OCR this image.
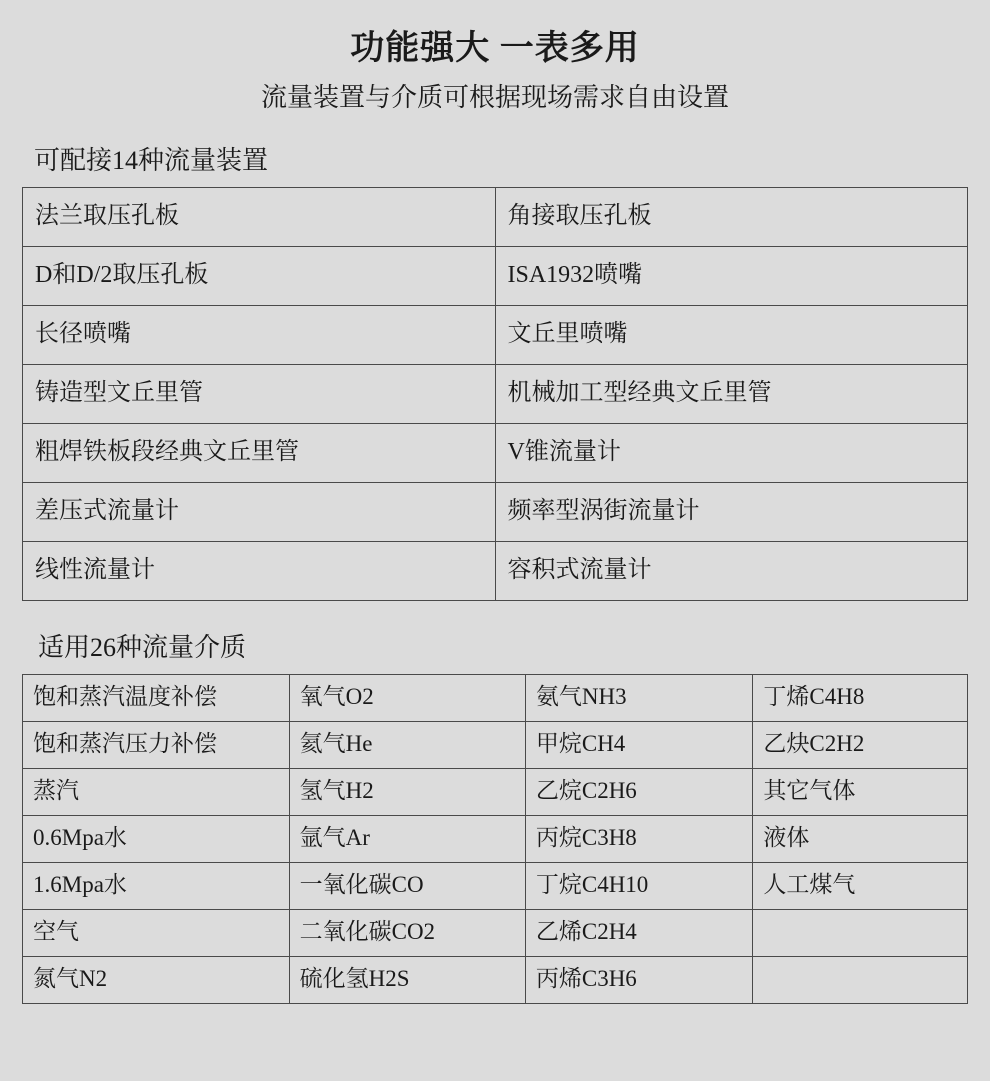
功能强大 一表多用
流量装置与介质可根据现场需求自由设置
可配接14种流量装置
法兰取压孔板	角接取压孔板
D和D/2取压孔板	ISA1932喷嘴
长径喷嘴	文丘里喷嘴
铸造型文丘里管	机械加工型经典文丘里管
粗焊铁板段经典文丘里管	V锥流量计
差压式流量计	频率型涡街流量计
线性流量计	容积式流量计
适用26种流量介质
饱和蒸汽温度补偿	氧气O2	氨气NH3	丁烯C4H8
饱和蒸汽压力补偿	氦气He	甲烷CH4	乙炔C2H2
蒸汽	氢气H2	乙烷C2H6	其它气体
0.6Mpa水	氩气Ar	丙烷C3H8	液体
1.6Mpa水	一氧化碳CO	丁烷C4H10	人工煤气
空气	二氧化碳CO2	乙烯C2H4	
氮气N2	硫化氢H2S	丙烯C3H6	
